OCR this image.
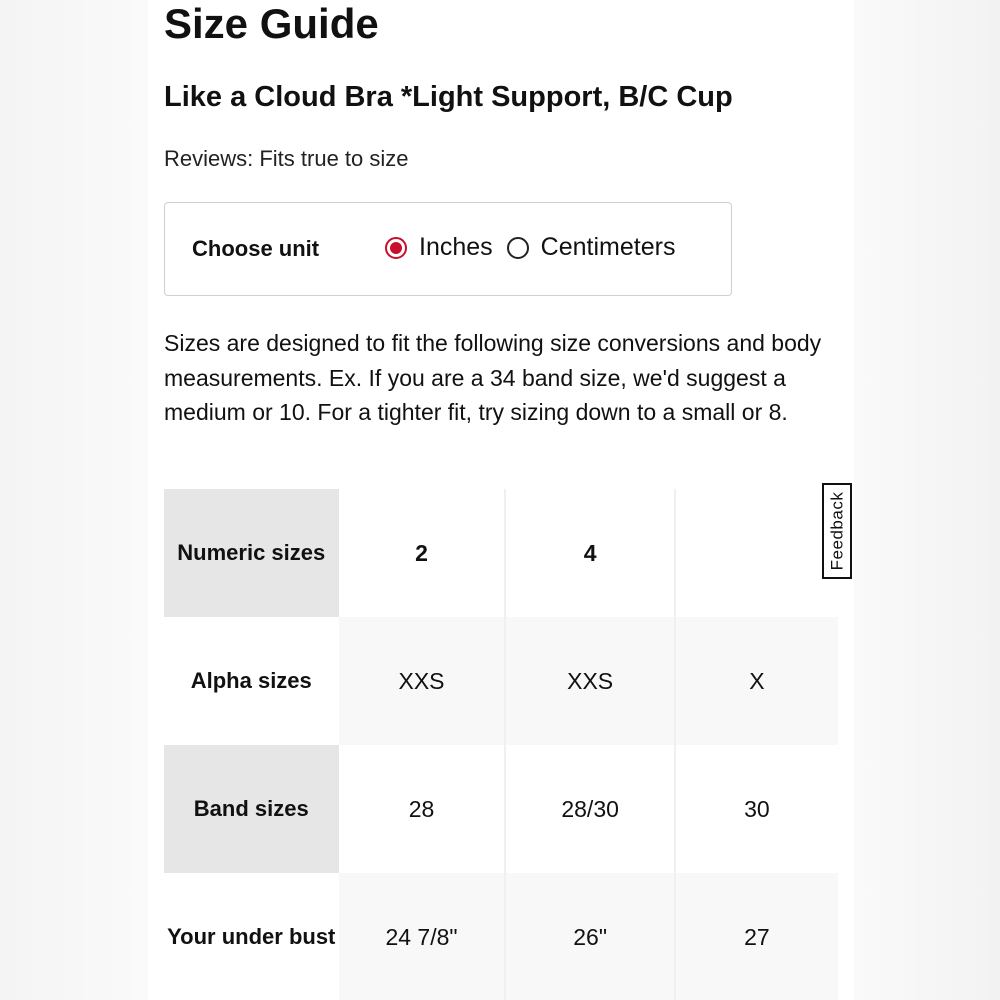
Size Guide
Like a Cloud Bra *Light Support, B/C Cup
Reviews: Fits true to size
Choose unit	Inches Centimeters
Sizes are designed to fit the following size conversions and body measurements. Ex. If you are a 34 band size, we'd suggest a medium or 10. For a tighter fit, try sizing down to a small or 8.
Numeric sizes	2	4	
Alpha sizes	XXS	XXS	X
Band sizes	28	28/30	30
Your under bust	24 7/8"	26"	27
Feedback
